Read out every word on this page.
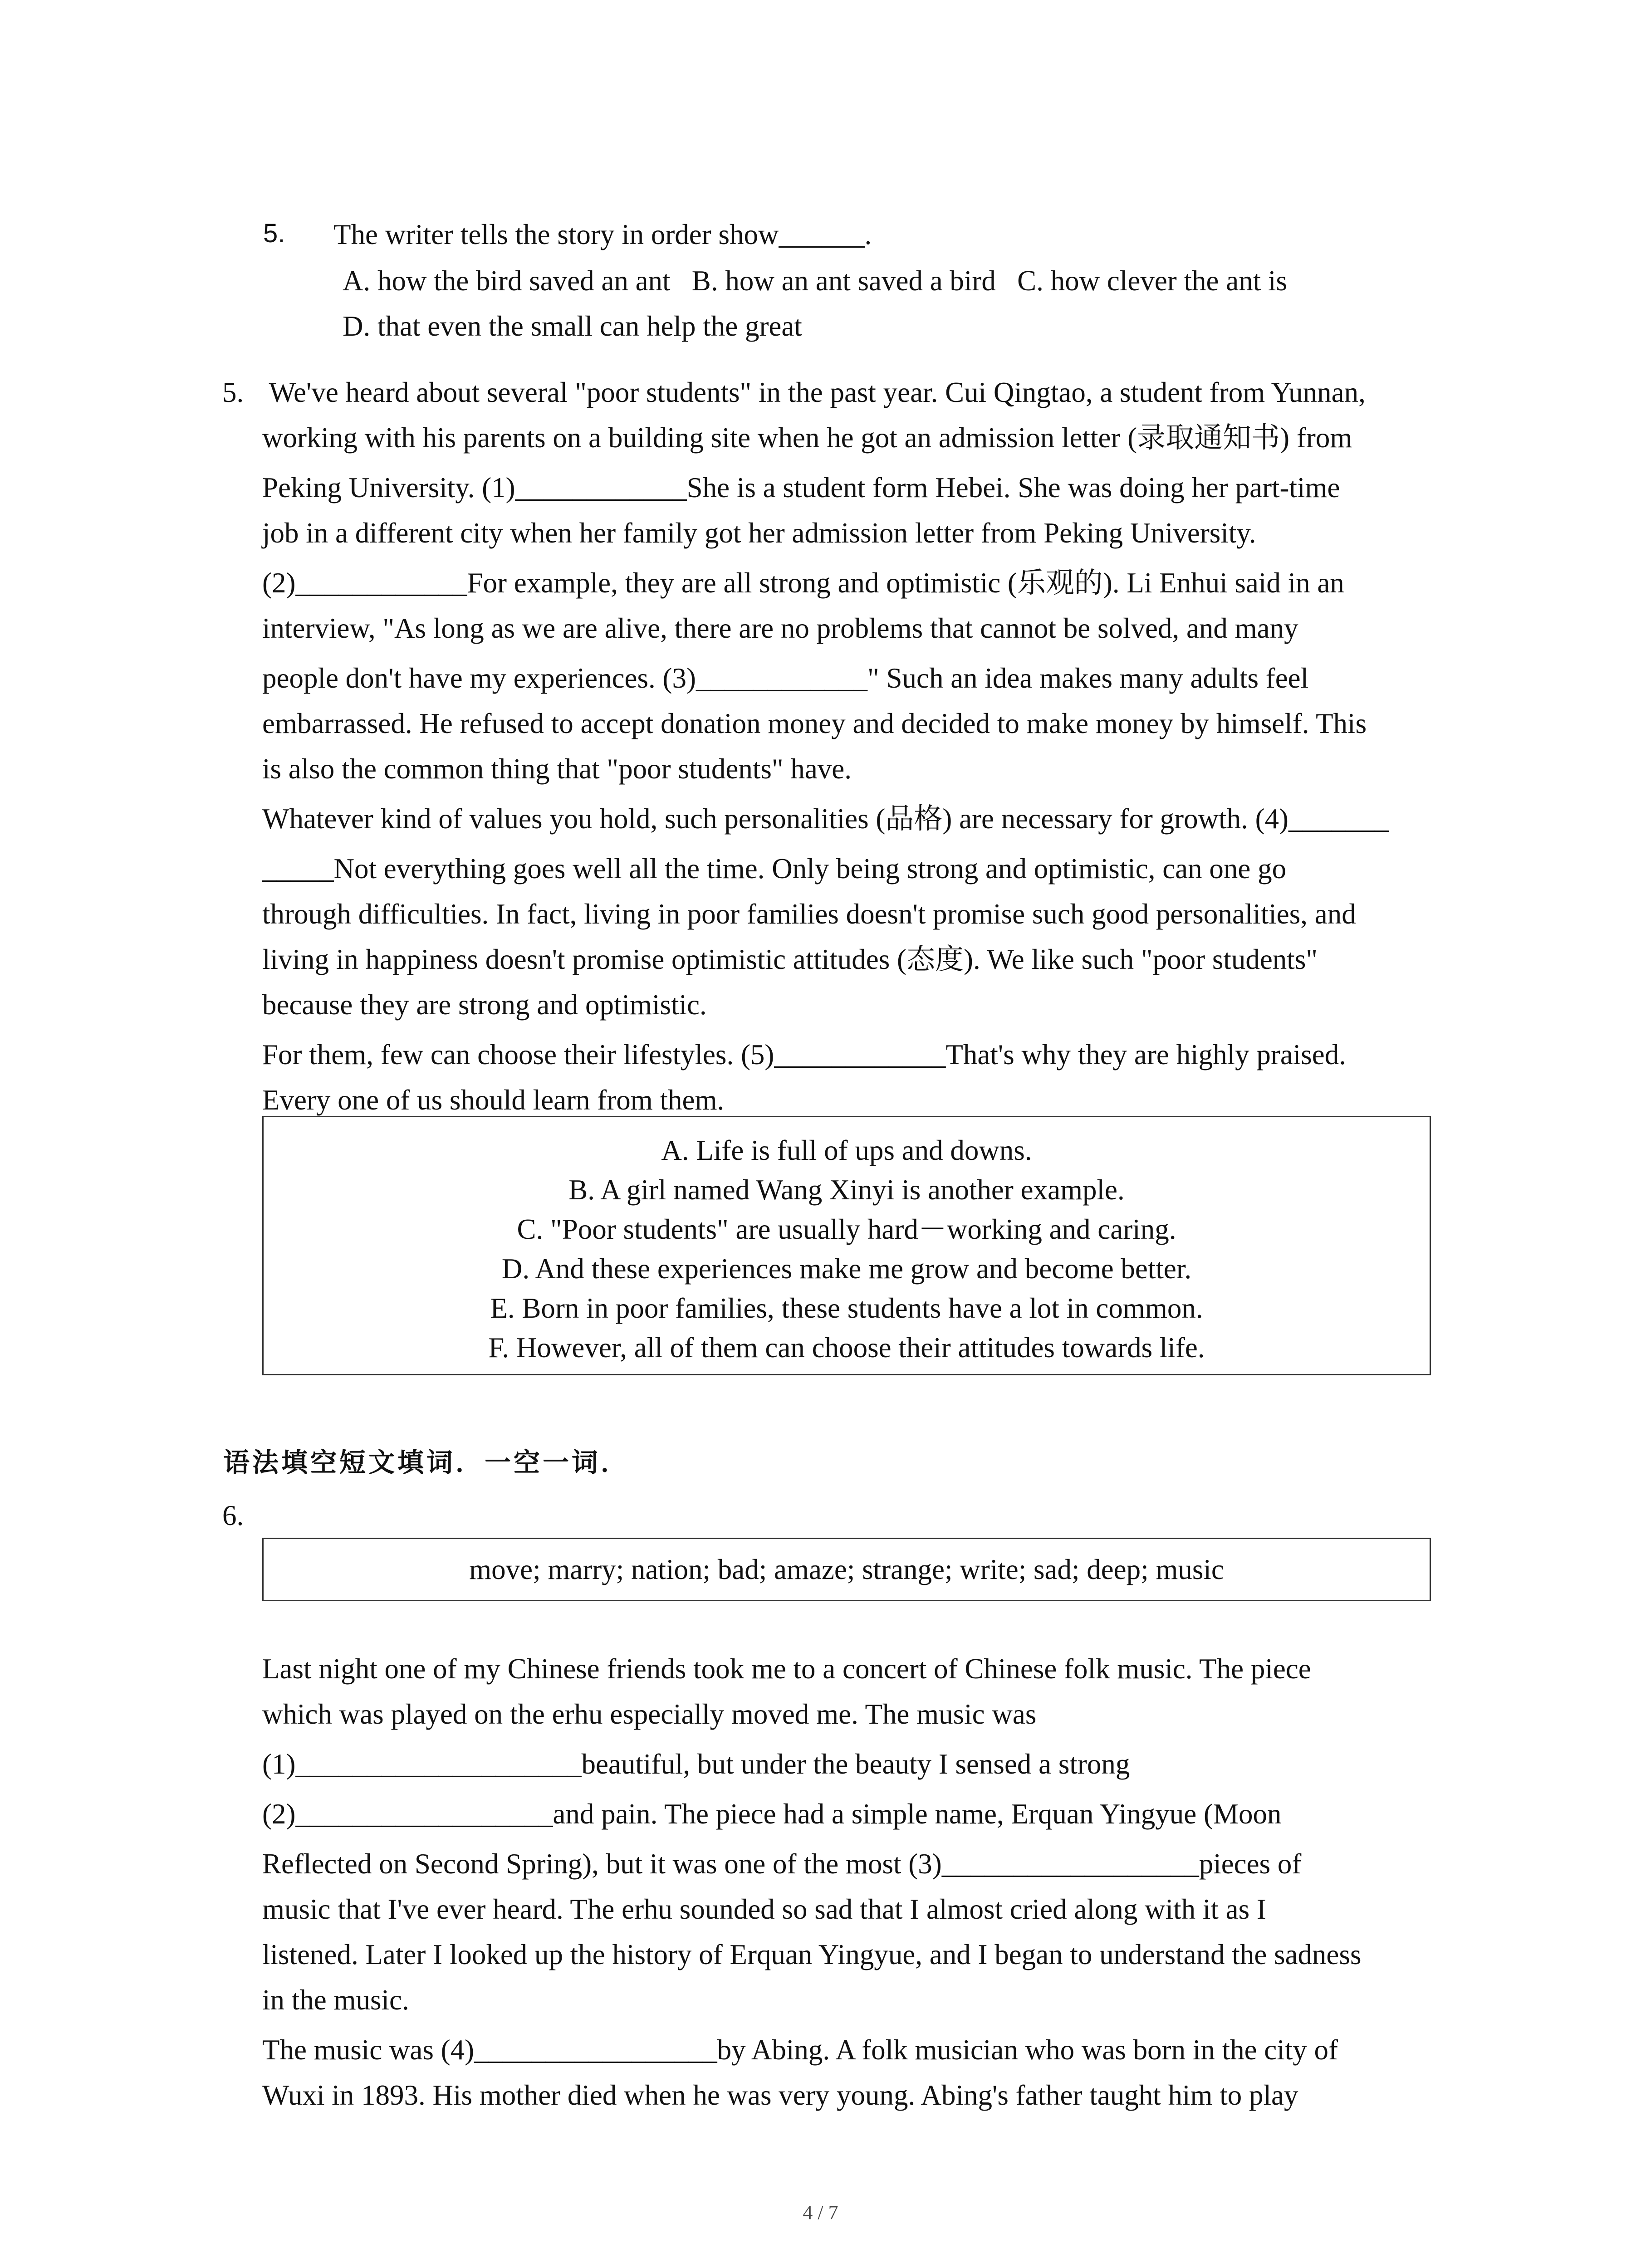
5. The writer tells the story in order show______.
A. how the bird saved an ant   B. how an ant saved a bird   C. how clever the ant is
D. that even the small can help the great
5. We've heard about several "poor students" in the past year. Cui Qingtao, a student from Yunnan,
working with his parents on a building site when he got an admission letter (录取通知书) from
Peking University. (1)____________She is a student form Hebei. She was doing her part-time
job in a different city when her family got her admission letter from Peking University.
(2)____________For example, they are all strong and optimistic (乐观的). Li Enhui said in an
interview, "As long as we are alive, there are no problems that cannot be solved, and many
people don't have my experiences. (3)____________" Such an idea makes many adults feel
embarrassed. He refused to accept donation money and decided to make money by himself. This
is also the common thing that "poor students" have.
Whatever kind of values you hold, such personalities (品格) are necessary for growth. (4)_______
_____Not everything goes well all the time. Only being strong and optimistic, can one go
through difficulties. In fact, living in poor families doesn't promise such good personalities, and
living in happiness doesn't promise optimistic attitudes (态度). We like such "poor students"
because they are strong and optimistic.
For them, few can choose their lifestyles. (5)____________That's why they are highly praised.
Every one of us should learn from them.
A. Life is full of ups and downs.
B. A girl named Wang Xinyi is another example.
C. "Poor students" are usually hard－working and caring.
D. And these experiences make me grow and become better.
E. Born in poor families, these students have a lot in common.
F. However, all of them can choose their attitudes towards life.
语法填空短文填词．一空一词．
6.
move; marry; nation; bad; amaze; strange; write; sad; deep; music
Last night one of my Chinese friends took me to a concert of Chinese folk music. The piece
which was played on the erhu especially moved me. The music was
(1)____________________beautiful, but under the beauty I sensed a strong
(2)__________________and pain. The piece had a simple name, Erquan Yingyue (Moon
Reflected on Second Spring), but it was one of the most (3)__________________pieces of
music that I've ever heard. The erhu sounded so sad that I almost cried along with it as I
listened. Later I looked up the history of Erquan Yingyue, and I began to understand the sadness
in the music.
The music was (4)_________________by Abing. A folk musician who was born in the city of
Wuxi in 1893. His mother died when he was very young. Abing's father taught him to play
4 / 7
